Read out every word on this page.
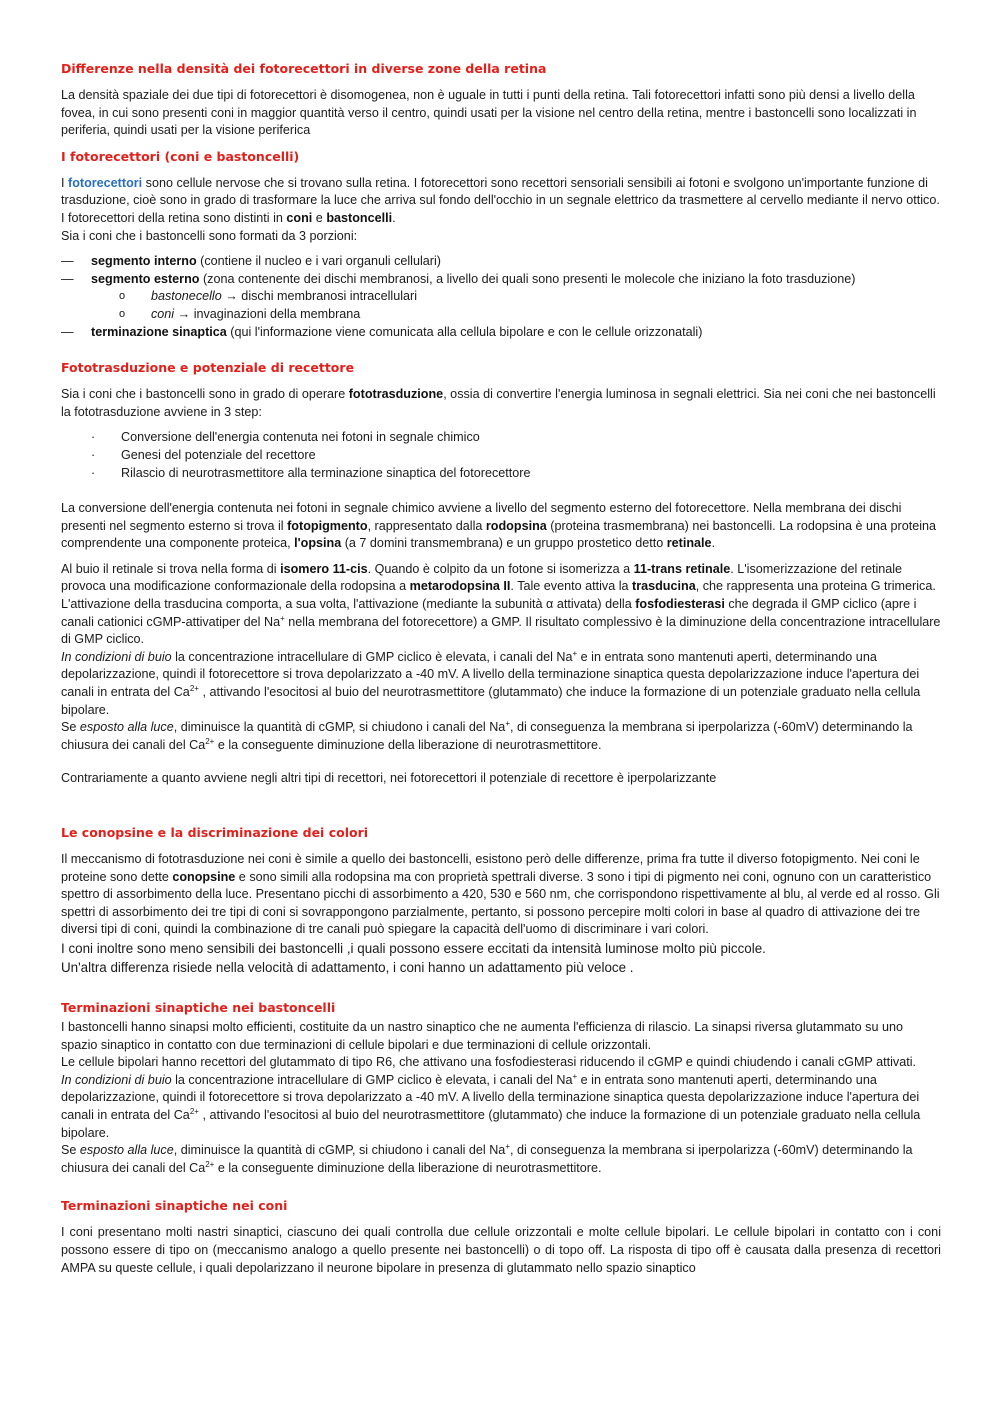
Differenze nella densità dei fotorecettori in diverse zone della retina

La densità spaziale dei due tipi di fotorecettori è disomogenea, non è uguale in tutti i punti della retina. Tali fotorecettori infatti sono più densi a livello della fovea, in cui sono presenti coni in maggior quantità verso il centro, quindi usati per la visione nel centro della retina, mentre i bastoncelli sono localizzati in periferia, quindi usati per la visione periferica

I fotorecettori (coni e bastoncelli)

I fotorecettori sono cellule nervose che si trovano sulla retina. I fotorecettori sono recettori sensoriali sensibili ai fotoni e svolgono un'importante funzione di trasduzione, cioè sono in grado di trasformare la luce che arriva sul fondo dell'occhio in un segnale elettrico da trasmettere al cervello mediante il nervo ottico. I fotorecettori della retina sono distinti in coni e bastoncelli.

Sia i coni che i bastoncelli sono formati da 3 porzioni:

— segmento interno (contiene il nucleo e i vari organuli cellulari)
— segmento esterno (zona contenente dei dischi membranosi, a livello dei quali sono presenti le molecole che iniziano la foto trasduzione)
o bastonecello → dischi membranosi intracellulari
o coni → invaginazioni della membrana
— terminazione sinaptica (qui l'informazione viene comunicata alla cellula bipolare e con le cellule orizzonatali)
Fototrasduzione e potenziale di recettore

Sia i coni che i bastoncelli sono in grado di operare fototrasduzione, ossia di convertire l'energia luminosa in segnali elettrici. Sia nei coni che nei bastoncelli la fototrasduzione avviene in 3 step:

· Conversione dell'energia contenuta nei fotoni in segnale chimico
· Genesi del potenziale del recettore
· Rilascio di neurotrasmettitore alla terminazione sinaptica del fotorecettore

La conversione dell'energia contenuta nei fotoni in segnale chimico avviene a livello del segmento esterno del fotorecettore. Nella membrana dei dischi presenti nel segmento esterno si trova il fotopigmento, rappresentato dalla rodopsina (proteina trasmembrana) nei bastoncelli. La rodopsina è una proteina comprendente una componente proteica, l'opsina (a 7 domini transmembrana) e un gruppo prostetico detto retinale.

Al buio il retinale si trova nella forma di isomero 11-cis. Quando è colpito da un fotone si isomerizza a 11-trans retinale. L'isomerizzazione del retinale provoca una modificazione conformazionale della rodopsina a metarodopsina II. Tale evento attiva la trasducina, che rappresenta una proteina G trimerica. L'attivazione della trasducina comporta, a sua volta, l'attivazione (mediante la subunità α attivata) della fosfodiesterasi che degrada il GMP ciclico (apre i canali cationici cGMP-attivatiper del Na+ nella membrana del fotorecettore) a GMP. Il risultato complessivo è la diminuzione della concentrazione intracellulare di GMP ciclico.

In condizioni di buio la concentrazione intracellulare di GMP ciclico è elevata, i canali del Na+ e in entrata sono mantenuti aperti, determinando una depolarizzazione, quindi il fotorecettore si trova depolarizzato a -40 mV. A livello della terminazione sinaptica questa depolarizzazione induce l'apertura dei canali in entrata del $Ca^{2+}$ , attivando l'esocitosi al buio del neurotrasmettitore (glutammato) che induce la formazione di un potenziale graduato nella cellula bipolare.

Se esposto alla luce, diminuisce la quantità di cGMP, si chiudono i canali del Na+, di conseguenza la membrana si iperpolarizza (-60mV) determinando la chiusura dei canali del $Ca^{2+}$ e la conseguente diminuzione della liberazione di neurotrasmettitore.

Contrariamente a quanto avviene negli altri tipi di recettori, nei fotorecettori il potenziale di recettore è iperpolarizzante

Le conopsine e la discriminazione dei colori

Il meccanismo di fototrasduzione nei coni è simile a quello dei bastoncelli, esistono però delle differenze, prima fra tutte il diverso fotopigmento. Nei coni le proteine sono dette conopsine e sono simili alla rodopsina ma con proprietà spettrali diverse. 3 sono i tipi di pigmento nei coni, ognuno con un caratteristico spettro di assorbimento della luce. Presentano picchi di assorbimento a 420, 530 e 560 nm, che corrispondono rispettivamente al blu, al verde ed al rosso. Gli spettri di assorbimento dei tre tipi di coni si sovrappongono parzialmente, pertanto, si possono percepire molti colori in base al quadro di attivazione dei tre diversi tipi di coni, quindi la combinazione di tre canali può spiegare la capacità dell'uomo di discriminare i vari colori.

I coni inoltre sono meno sensibili dei bastoncelli ,i quali possono essere eccitati da intensità luminose molto più piccole.

Un'altra differenza risiede nella velocità di adattamento, i coni hanno un adattamento più veloce .

Terminazioni sinaptiche nei bastoncelli

I bastoncelli hanno sinapsi molto efficienti, costituite da un nastro sinaptico che ne aumenta l'efficienza di rilascio. La sinapsi riversa glutammato su uno spazio sinaptico in contatto con due terminazioni di cellule bipolari e due terminazioni di cellule orizzontali.

Le cellule bipolari hanno recettori del glutammato di tipo R6, che attivano una fosfodiesterasi riducendo il cGMP e quindi chiudendo i canali cGMP attivati.

In condizioni di buio la concentrazione intracellulare di GMP ciclico è elevata, i canali del Na+ e in entrata sono mantenuti aperti, determinando una depolarizzazione, quindi il fotorecettore si trova depolarizzato a -40 mV. A livello della terminazione sinaptica questa depolarizzazione induce l'apertura dei canali in entrata del $Ca^{2+}$ , attivando l'esocitosi al buio del neurotrasmettitore (glutammato) che induce la formazione di un potenziale graduato nella cellula bipolare.

Se esposto alla luce, diminuisce la quantità di cGMP, si chiudono i canali del Na+, di conseguenza la membrana si iperpolarizza (-60mV) determinando la chiusura dei canali del $Ca^{2+}$ e la conseguente diminuzione della liberazione di neurotrasmettitore.

Terminazioni sinaptiche nei coni

I coni presentano molti nastri sinaptici, ciascuno dei quali controlla due cellule orizzontali e molte cellule bipolari. Le cellule bipolari in contatto con i coni possono essere di tipo on (meccanismo analogo a quello presente nei bastoncelli) o di topo off. La risposta di tipo off è causata dalla presenza di recettori AMPA su queste cellule, i quali depolarizzano il neurone bipolare in presenza di glutammato nello spazio sinaptico
